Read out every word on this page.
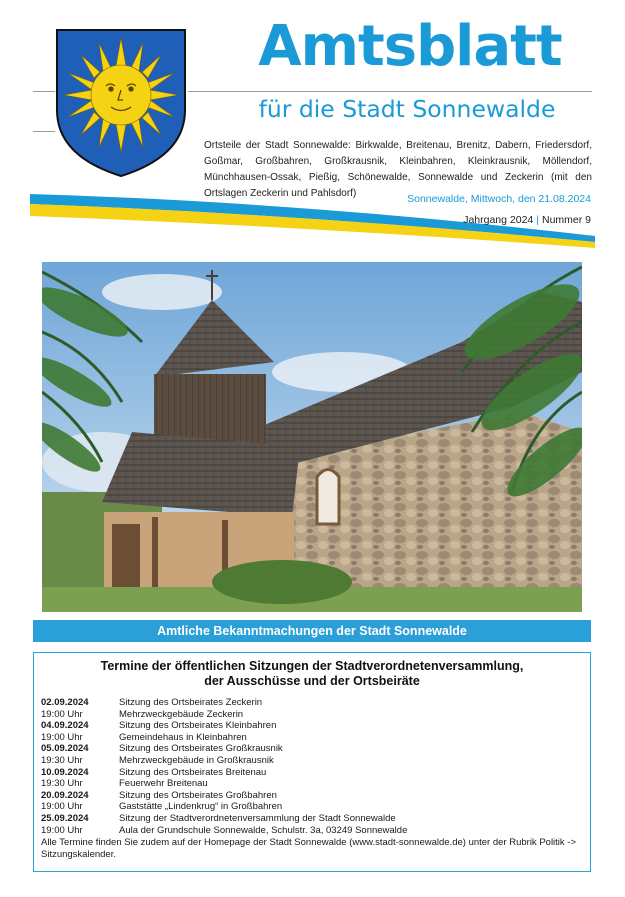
Amtsblatt
für die Stadt Sonnewalde
Ortsteile der Stadt Sonnewalde: Birkwalde, Breitenau, Brenitz, Dabern, Friedersdorf, Goßmar, Großbahren, Großkrausnik, Kleinbahren, Kleinkrausnik, Möllendorf, Münchhausen-Ossak, Pießig, Schönewalde, Sonnewalde und Zeckerin (mit den Ortslagen Zeckerin und Pahlsdorf)	Sonnewalde, Mittwoch, den 21.08.2024
Jahrgang 2024 | Nummer 9
Amtliche Bekanntmachungen der Stadt Sonnewalde
Termine der öffentlichen Sitzungen der Stadtverordnetenversammlung,
der Ausschüsse und der Ortsbeiräte
02.09.2024	Sitzung des Ortsbeirates Zeckerin
19:00 Uhr	Mehrzweckgebäude Zeckerin
04.09.2024	Sitzung des Ortsbeirates Kleinbahren
19:00 Uhr	Gemeindehaus in Kleinbahren
05.09.2024	Sitzung des Ortsbeirates Großkrausnik
19:30 Uhr	Mehrzweckgebäude in Großkrausnik
10.09.2024	Sitzung des Ortsbeirates Breitenau
19:30 Uhr	Feuerwehr Breitenau
20.09.2024	Sitzung des Ortsbeirates Großbahren
19:00 Uhr	Gaststätte „Lindenkrug“ in Großbahren
25.09.2024	Sitzung der Stadtverordnetenversammlung der Stadt Sonnewalde
19:00 Uhr	Aula der Grundschule Sonnewalde, Schulstr. 3a, 03249 Sonnewalde

Alle Termine finden Sie zudem auf der Homepage der Stadt Sonnewalde (www.stadt-sonnewalde.de) unter der Rubrik Politik -> Sitzungskalender.
